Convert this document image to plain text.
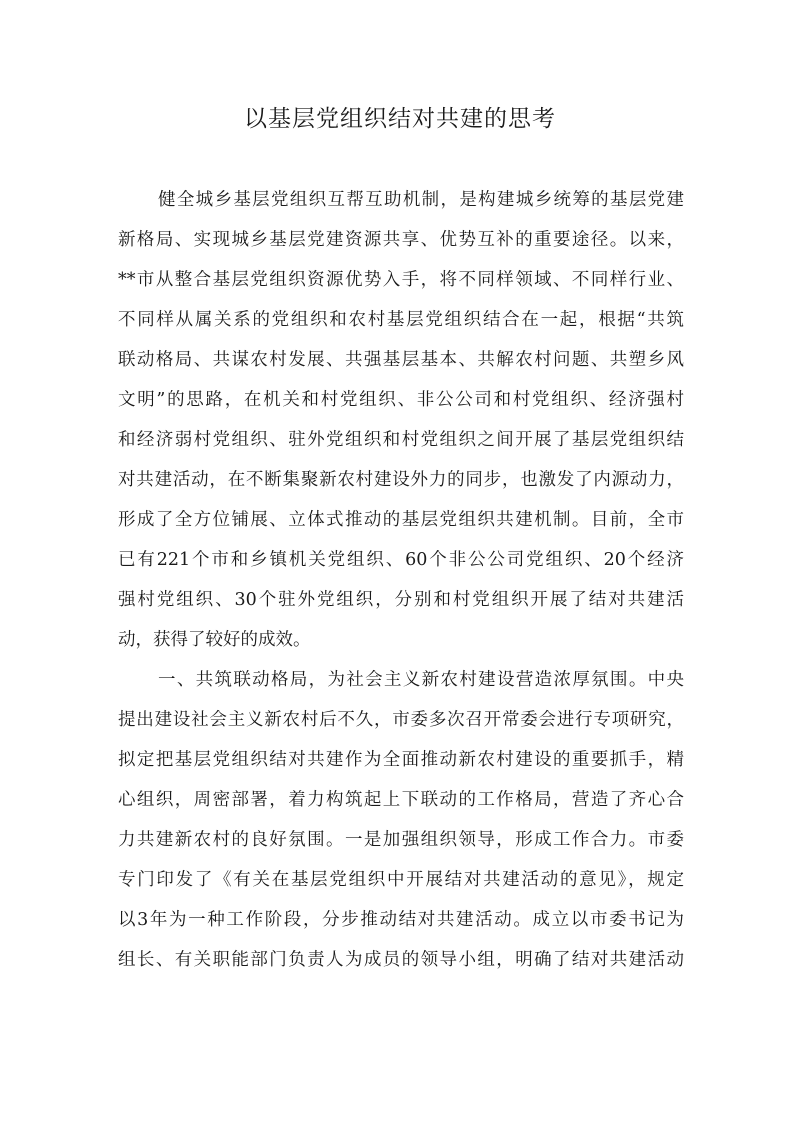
以基层党组织结对共建的思考
健全城乡基层党组织互帮互助机制，是构建城乡统筹的基层党建
新格局、实现城乡基层党建资源共享、优势互补的重要途径。以来，
**市从整合基层党组织资源优势入手，将不同样领域、不同样行业、
不同样从属关系的党组织和农村基层党组织结合在一起，根据“共筑
联动格局、共谋农村发展、共强基层基本、共解农村问题、共塑乡风
文明”的思路，在机关和村党组织、非公公司和村党组织、经济强村
和经济弱村党组织、驻外党组织和村党组织之间开展了基层党组织结
对共建活动，在不断集聚新农村建设外力的同步，也激发了内源动力，
形成了全方位铺展、立体式推动的基层党组织共建机制。目前，全市
已有221个市和乡镇机关党组织、60个非公公司党组织、20个经济
强村党组织、30个驻外党组织，分别和村党组织开展了结对共建活
动，获得了较好的成效。
一、共筑联动格局，为社会主义新农村建设营造浓厚氛围。中央
提出建设社会主义新农村后不久，市委多次召开常委会进行专项研究，
拟定把基层党组织结对共建作为全面推动新农村建设的重要抓手，精
心组织，周密部署，着力构筑起上下联动的工作格局，营造了齐心合
力共建新农村的良好氛围。一是加强组织领导，形成工作合力。市委
专门印发了《有关在基层党组织中开展结对共建活动的意见》，规定
以3年为一种工作阶段，分步推动结对共建活动。成立以市委书记为
组长、有关职能部门负责人为成员的领导小组，明确了结对共建活动
